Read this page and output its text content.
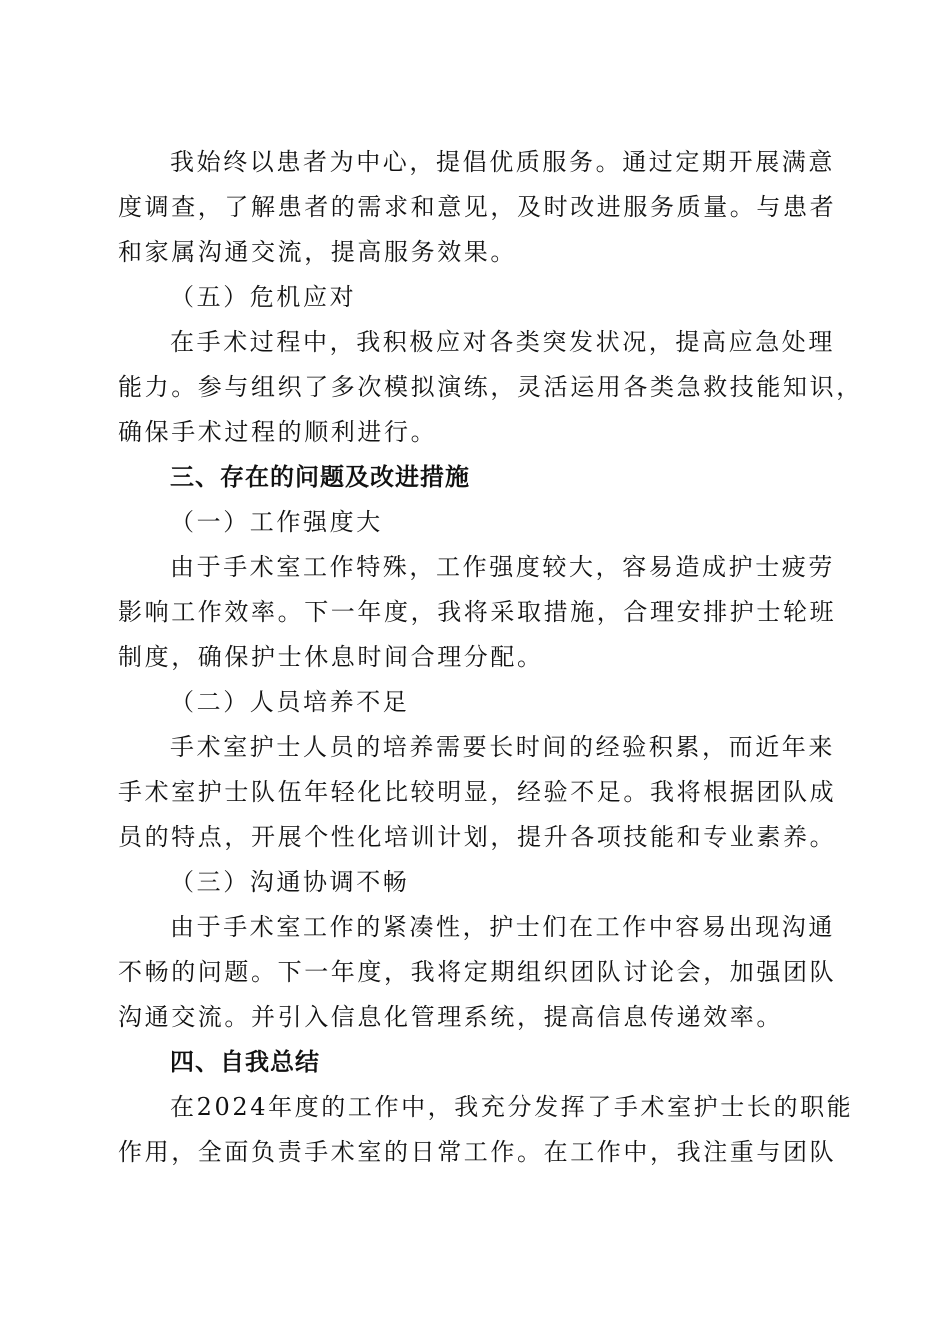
我始终以患者为中心，提倡优质服务。通过定期开展满意
度调查，了解患者的需求和意见，及时改进服务质量。与患者
和家属沟通交流，提高服务效果。
（五）危机应对
在手术过程中，我积极应对各类突发状况，提高应急处理
能力。参与组织了多次模拟演练，灵活运用各类急救技能知识，
确保手术过程的顺利进行。
三、存在的问题及改进措施
（一）工作强度大
由于手术室工作特殊，工作强度较大，容易造成护士疲劳
影响工作效率。下一年度，我将采取措施，合理安排护士轮班
制度，确保护士休息时间合理分配。
（二）人员培养不足
手术室护士人员的培养需要长时间的经验积累，而近年来
手术室护士队伍年轻化比较明显，经验不足。我将根据团队成
员的特点，开展个性化培训计划，提升各项技能和专业素养。
（三）沟通协调不畅
由于手术室工作的紧凑性，护士们在工作中容易出现沟通
不畅的问题。下一年度，我将定期组织团队讨论会，加强团队
沟通交流。并引入信息化管理系统，提高信息传递效率。
四、自我总结
在2024年度的工作中，我充分发挥了手术室护士长的职能
作用，全面负责手术室的日常工作。在工作中，我注重与团队
